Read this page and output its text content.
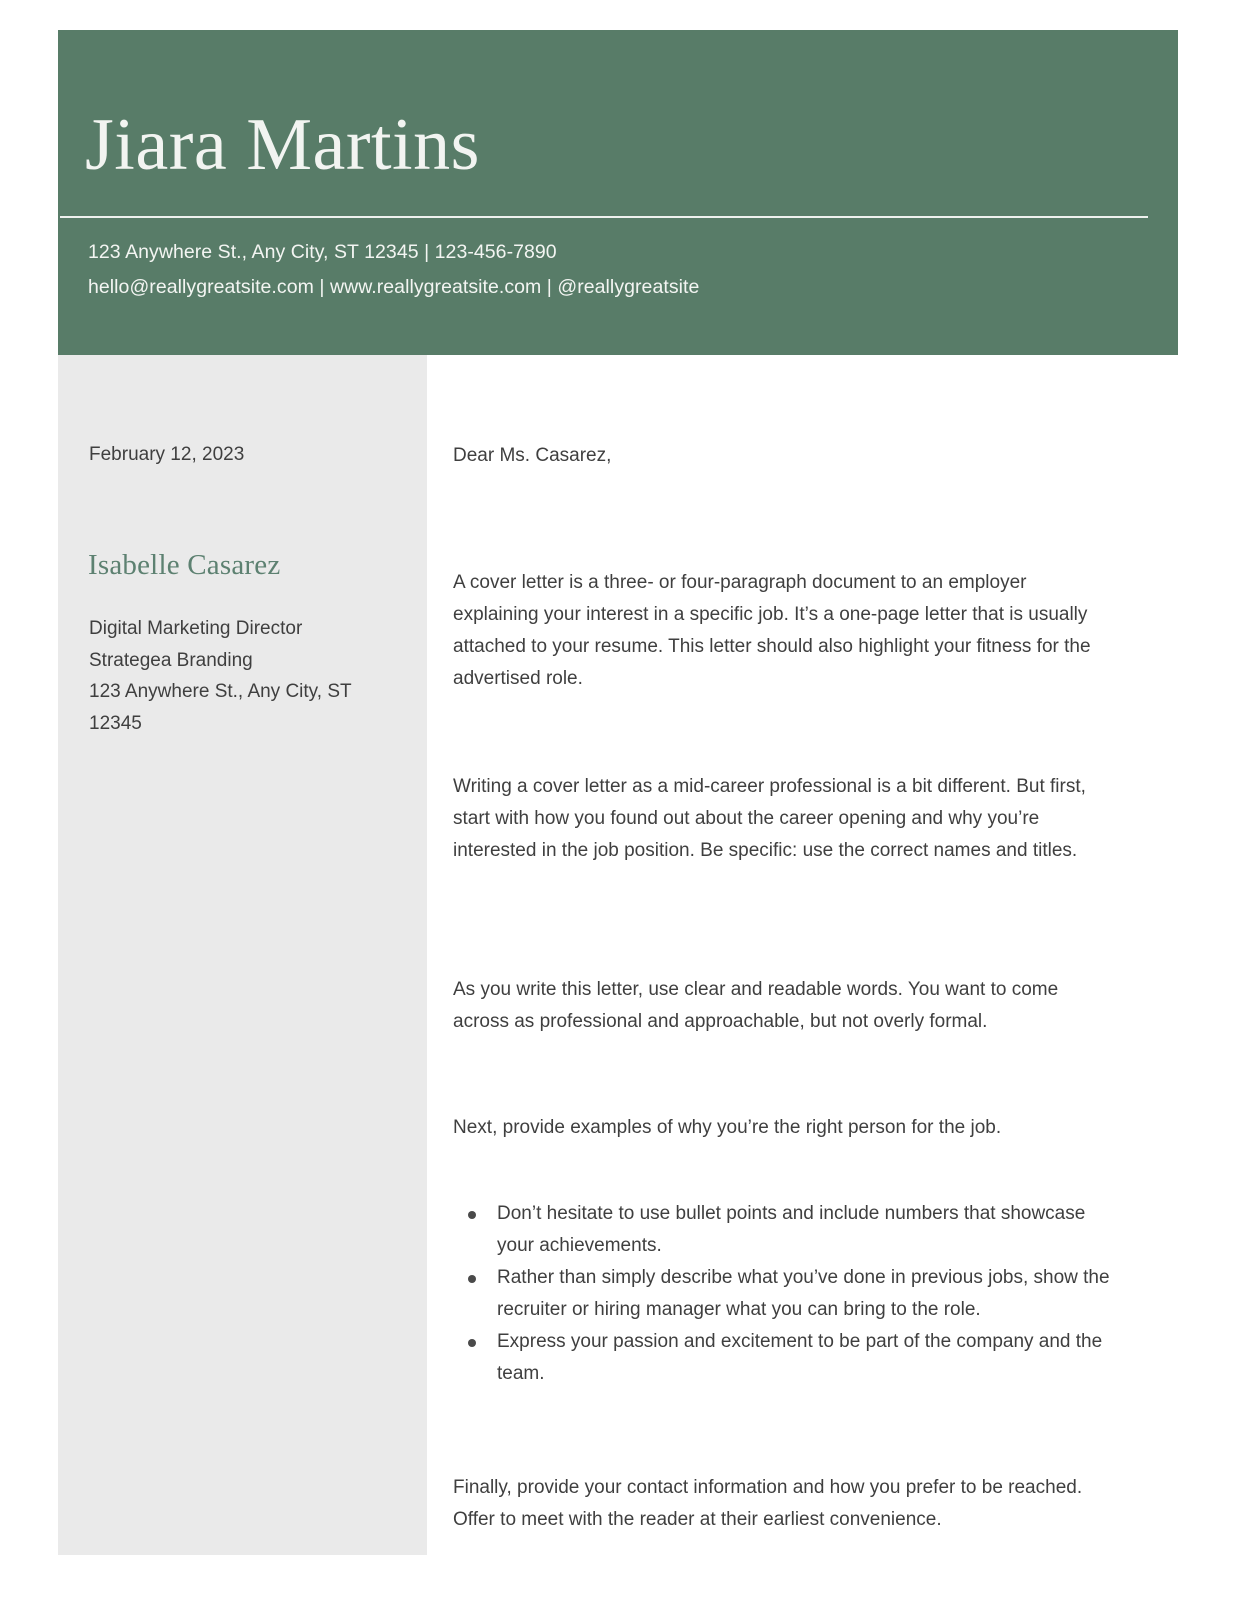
Jiara Martins
123 Anywhere St., Any City, ST 12345 | 123-456-7890
hello@reallygreatsite.com | www.reallygreatsite.com | @reallygreatsite
February 12, 2023
Isabelle Casarez
Digital Marketing Director
Strategea Branding
123 Anywhere St., Any City, ST
12345
Dear Ms. Casarez,

A cover letter is a three- or four-paragraph document to an employer explaining your interest in a specific job. It’s a one-page letter that is usually attached to your resume. This letter should also highlight your fitness for the advertised role.

Writing a cover letter as a mid-career professional is a bit different. But first, start with how you found out about the career opening and why you’re interested in the job position. Be specific: use the correct names and titles.

As you write this letter, use clear and readable words. You want to come across as professional and approachable, but not overly formal.

Next, provide examples of why you’re the right person for the job.

Don’t hesitate to use bullet points and include numbers that showcase your achievements.
Rather than simply describe what you’ve done in previous jobs, show the recruiter or hiring manager what you can bring to the role.
Express your passion and excitement to be part of the company and the team.

Finally, provide your contact information and how you prefer to be reached. Offer to meet with the reader at their earliest convenience.
